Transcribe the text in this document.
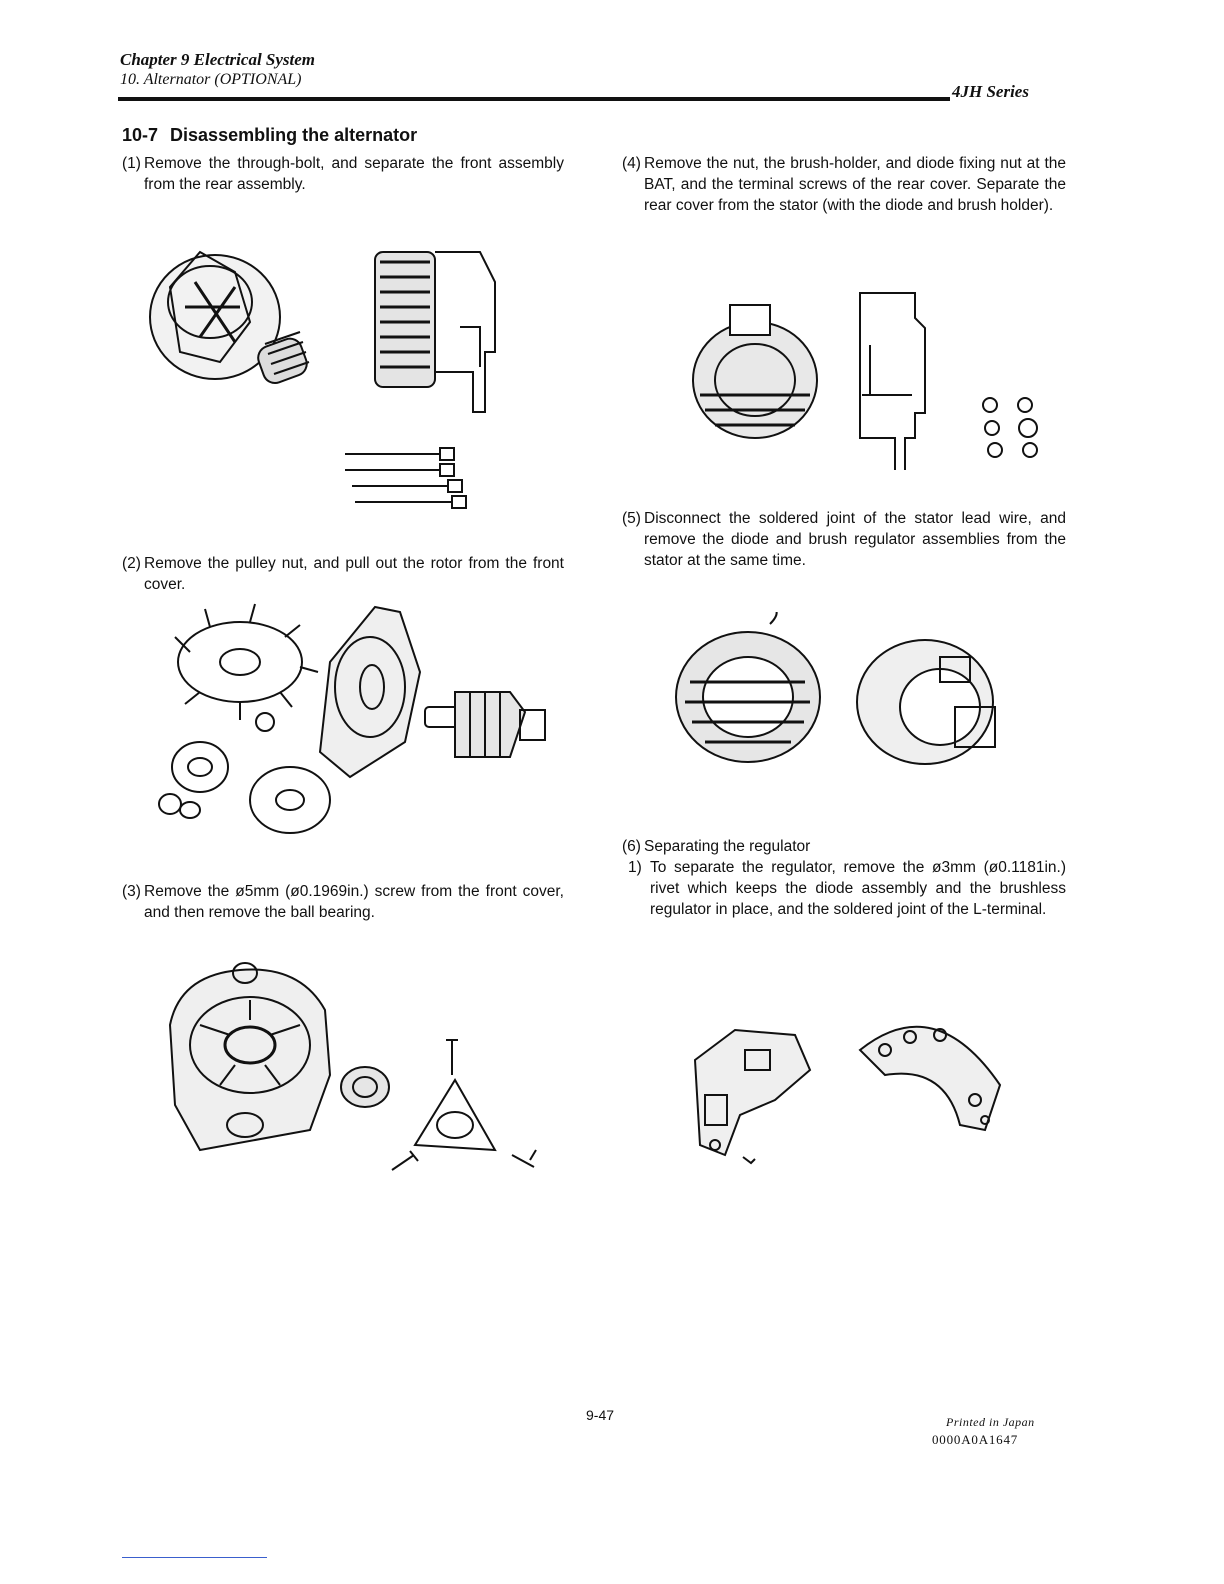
Chapter 9 Electrical System
10. Alternator (OPTIONAL)
4JH Series
10-7 Disassembling the alternator
(1) Remove the through-bolt, and separate the front assembly from the rear assembly.
(2) Remove the pulley nut, and pull out the rotor from the front cover.
(3) Remove the ø5mm (ø0.1969in.) screw from the front cover, and then remove the ball bearing.
(4) Remove the nut, the brush-holder, and diode fixing nut at the BAT, and the terminal screws of the rear cover. Separate the rear cover from the stator (with the diode and brush holder).
(5) Disconnect the soldered joint of the stator lead wire, and remove the diode and brush regulator assemblies from the stator at the same time.
(6) Separating the regulator
1) To separate the regulator, remove the ø3mm (ø0.1181in.) rivet which keeps the diode assembly and the brushless regulator in place, and the soldered joint of the L-terminal.
9-47	Printed in Japan
0000A0A1647
